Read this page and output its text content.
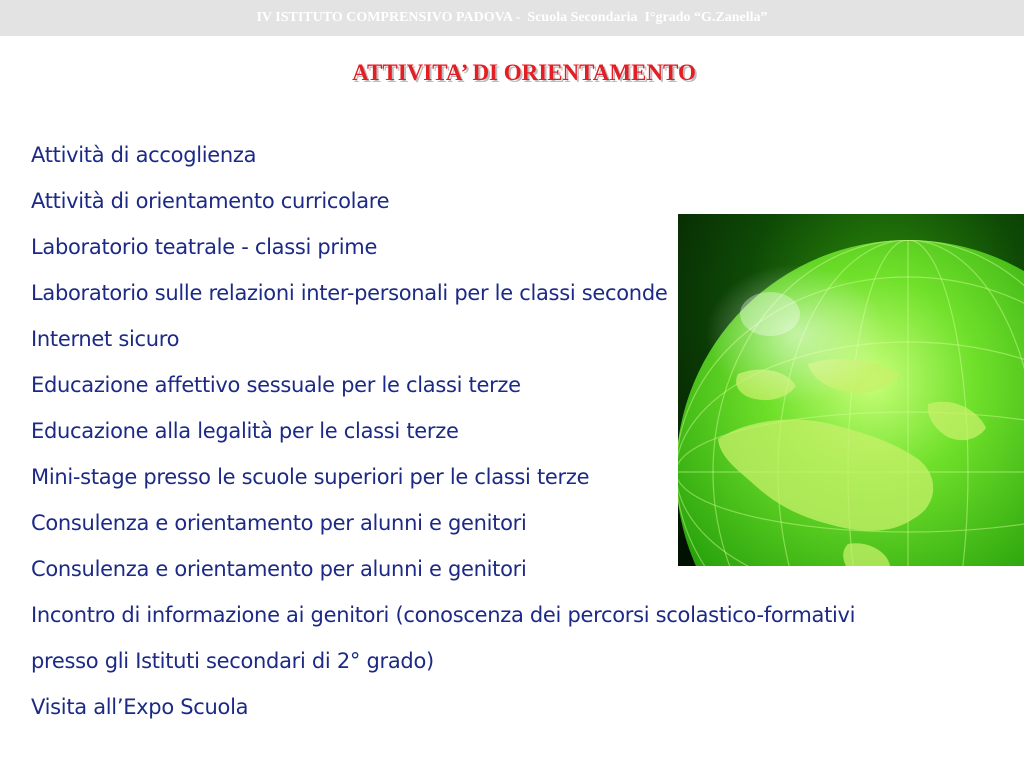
IV ISTITUTO COMPRENSIVO PADOVA -  Scuola Secondaria  I°grado “G.Zanella”
ATTIVITA’ DI ORIENTAMENTO
Attività di accoglienza
Attività di orientamento curricolare
Laboratorio teatrale - classi prime
Laboratorio sulle relazioni inter-personali per le classi seconde
Internet sicuro
Educazione affettivo sessuale per le classi terze
Educazione alla legalità per le classi terze
Mini-stage presso le scuole superiori per le classi terze
Consulenza e orientamento per alunni e genitori
Consulenza e orientamento per alunni e genitori
Incontro di informazione ai genitori (conoscenza dei percorsi scolastico-formativi
presso gli Istituti secondari di 2° grado)
Visita all’Expo Scuola
